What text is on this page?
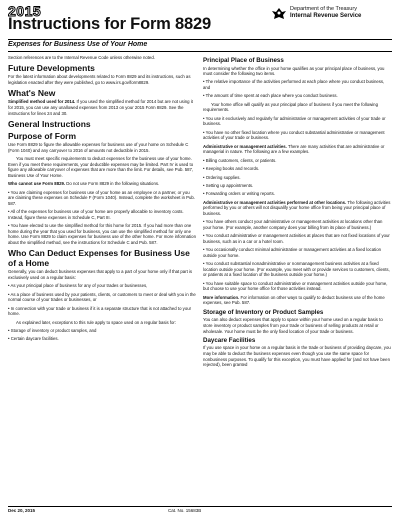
2015
Instructions for Form 8829
Expenses for Business Use of Your Home
Department of the Treasury
Internal Revenue Service

Section references are to the Internal Revenue Code unless otherwise noted.

Future Developments

For the latest information about developments related to Form 8829 and its instructions, such as legislation enacted after they were published, go to www.irs.gov/form8829.

What's New

Simplified method used for 2014. If you used the simplified method for 2014 but are not using it for 2015, you can use any unallowed expenses from 2013 on your 2015 Form 8829. See the instructions for lines 24 and 30.

General Instructions
Purpose of Form

Use Form 8829 to figure the allowable expenses for business use of your home on Schedule C (Form 1040) and any carryover to 2016 of amounts not deductible in 2015.

You must meet specific requirements to deduct expenses for the business use of your home. Even if you meet these requirements, your deductible expenses may be limited. Part IV is used to figure any allowable carryover of expenses that are more than the limit. For details, see Pub. 587, Business Use of Your Home.

Who cannot use Form 8829. Do not use Form 8829 in the following situations.

• You are claiming expenses for business use of your home as an employee or a partner, or you are claiming these expenses on Schedule F (Form 1040). Instead, complete the worksheet in Pub. 587.

• All of the expenses for business use of your home are properly allocable to inventory costs. Instead, figure these expenses in Schedule C, Part III.

• You have elected to use the simplified method for this home for 2015. If you had more than one home during the year that you used for business, you can use the simplified method for only one home. Use Form 8829 to claim expenses for business use of the other home. For more information about the simplified method, see the instructions for Schedule C and Pub. 587.

Who Can Deduct Expenses for Business Use of a Home

Generally, you can deduct business expenses that apply to a part of your home only if that part is exclusively used on a regular basis:

• As your principal place of business for any of your trades or businesses,

• As a place of business used by your patients, clients, or customers to meet or deal with you in the normal course of your trades or businesses, or

• In connection with your trade or business if it is a separate structure that is not attached to your home.

As explained later, exceptions to this rule apply to space used on a regular basis for:

• Storage of inventory or product samples, and

• Certain daycare facilities.

Principal Place of Business

In determining whether the office in your home qualifies as your principal place of business, you must consider the following two items.

• The relative importance of the activities performed at each place where you conduct business, and

• The amount of time spent at each place where you conduct business.

Your home office will qualify as your principal place of business if you meet the following requirements.

• You use it exclusively and regularly for administrative or management activities of your trade or business.

• You have no other fixed location where you conduct substantial administrative or management activities of your trade or business.

Administrative or management activities. There are many activities that are administrative or managerial in nature. The following are a few examples.

• Billing customers, clients, or patients.

• Keeping books and records.

• Ordering supplies.

• Setting up appointments.

• Forwarding orders or writing reports.

Administrative or management activities performed at other locations. The following activities performed by you or others will not disqualify your home office from being your principal place of business.

• You have others conduct your administrative or management activities at locations other than your home. (For example, another company does your billing from its place of business.)

• You conduct administrative or management activities at places that are not fixed locations of your business, such as in a car or a hotel room.

• You occasionally conduct minimal administrative or management activities at a fixed location outside your home.

• You conduct substantial nonadministrative or nonmanagement business activities at a fixed location outside your home. (For example, you meet with or provide services to customers, clients, or patients at a fixed location of the business outside your home.)

• You have suitable space to conduct administrative or management activities outside your home, but choose to use your home office for those activities instead.

More information. For information on other ways to qualify to deduct business use of the home expenses, see Pub. 587.

Storage of Inventory or Product Samples

You can also deduct expenses that apply to space within your home used on a regular basis to store inventory or product samples from your trade or business of selling products at retail or wholesale. Your home must be the only fixed location of your trade or business.

Daycare Facilities

If you use space in your home on a regular basis in the trade or business of providing daycare, you may be able to deduct the business expenses even though you use the same space for nonbusiness purposes. To qualify for this exception, you must have applied for (and not have been rejected), been granted

Dec 20, 2015	Cat. No. 15683B
